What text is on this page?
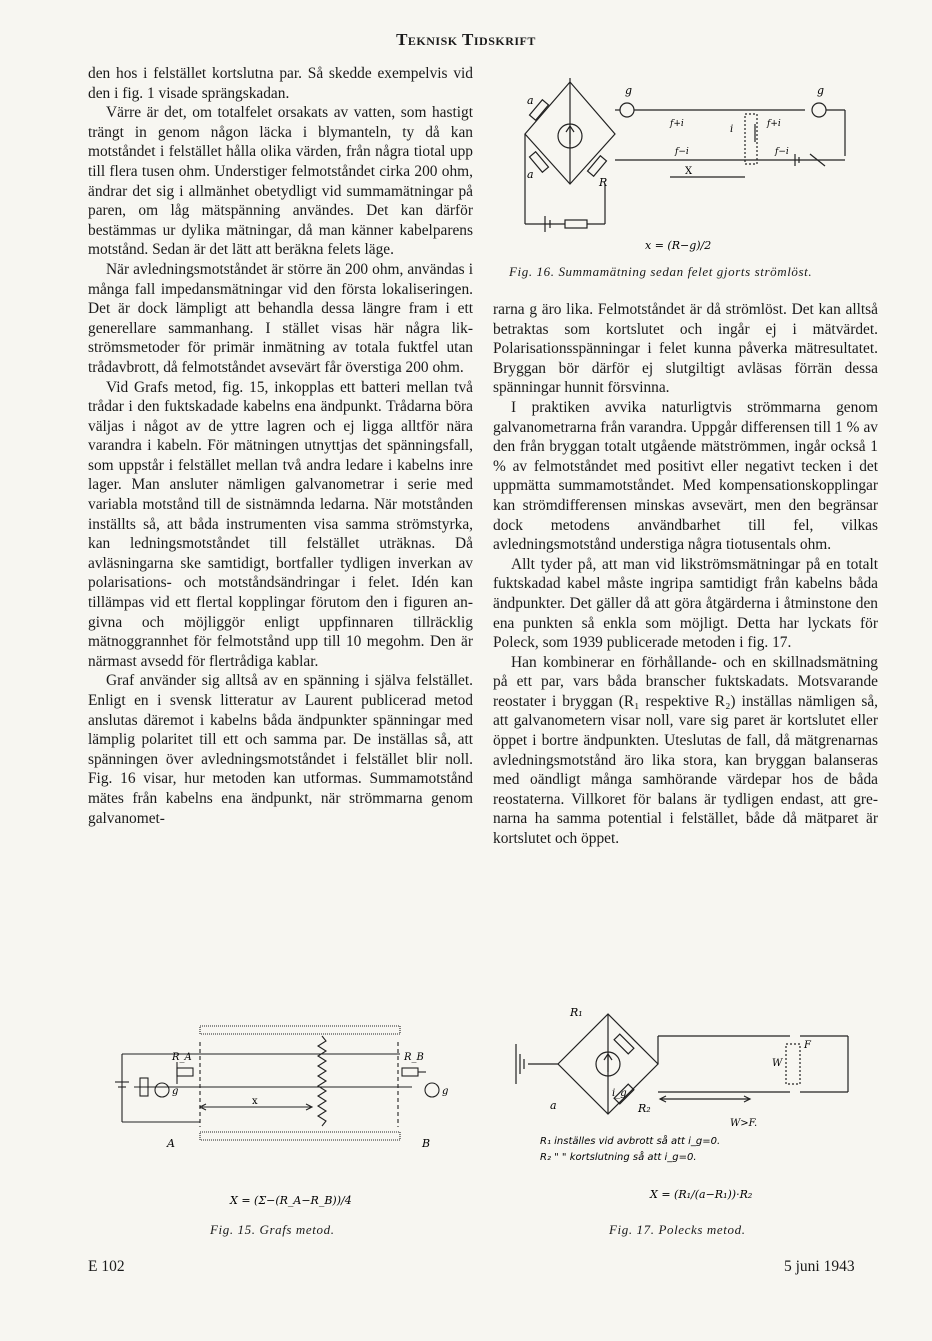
Teknisk Tidskrift

den hos i felstället kortslutna par. Så skedde exempelvis vid den i fig. 1 visade sprängskadan.

Värre är det, om totalfelet orsakats av vatten, som hastigt trängt in genom någon läcka i blymanteln, ty då kan motståndet i felstället hålla olika värden, från några tiotal upp till flera tusen ohm. Understiger felmotståndet cirka 200 ohm, ändrar det sig i allmänhet obetydligt vid summamätningar på paren, om låg mätspänning användes. Det kan därför bestämmas ur dylika mätningar, då man känner kabelparens motstånd. Sedan är det lätt att beräkna felets läge.

När avledningsmotståndet är större än 200 ohm, användas i många fall impedansmätningar vid den första lokaliseringen. Det är dock lämpligt att behandla dessa längre fram i ett generellare sammanhang. I stället visas här några likströmsmetoder för primär inmätning av totala fuktfel utan trådavbrott, då felmotståndet avsevärt får överstiga 200 ohm.

Vid Grafs metod, fig. 15, inkopplas ett batteri mellan två trådar i den fuktskadade kabelns ena ändpunkt. Trådarna böra väljas i något av de yttre lagren och ej ligga alltför nära varandra i kabeln. För mätningen utnyttjas det spänningsfall, som uppstår i felstället mellan två andra ledare i kabelns inre lager. Man ansluter nämligen galvanometrar i serie med variabla motstånd till de sistnämnda ledarna. När motstånden inställts så, att båda instrumenten visa samma strömstyrka, kan ledningsmotståndet till felstället uträknas. Då avläsningarna ske samtidigt, bortfaller tydligen inverkan av polarisations- och motståndsändringar i felet. Idén kan tillämpas vid ett flertal kopplingar förutom den i figuren angivna och möjliggör enligt uppfinnaren tillräcklig mätnoggrannhet för felmotstånd upp till 10 megohm. Den är närmast avsedd för flertrådiga kablar.

Graf använder sig alltså av en spänning i själva felstället. Enligt en i svensk litteratur av Laurent publicerad metod anslutas däremot i kabelns båda ändpunkter spänningar med lämplig polaritet till ett och samma par. De inställas så, att spänningen över avledningsmotståndet i felstället blir noll. Fig. 16 visar, hur metoden kan utformas. Summamotstånd mätes från kabelns ena ändpunkt, när strömmarna genom galvanomet-

rarna g äro lika. Felmotståndet är då strömlöst. Det kan alltså betraktas som kortslutet och ingår ej i mätvärdet. Polarisationsspänningar i felet kunna påverka mätresultatet. Bryggan bör därför ej slutgiltigt avläsas förrän dessa spänningar hunnit försvinna.

I praktiken avvika naturligtvis strömmarna genom galvanometrarna från varandra. Uppgår differensen till 1 % av den från bryggan totalt utgående mätströmmen, ingår också 1 % av felmotståndet med positivt eller negativt tecken i det uppmätta summamotståndet. Med kompensationskopplingar kan strömdifferensen minskas avsevärt, men den begränsar dock metodens användbarhet till fel, vilkas avledningsmotstånd understiga några tiotusentals ohm.

Allt tyder på, att man vid likströmsmätningar på en totalt fuktskadad kabel måste ingripa samtidigt från kabelns båda ändpunkter. Det gäller då att göra åtgärderna i åtminstone den ena punkten så enkla som möjligt. Detta har lyckats för Poleck, som 1939 publicerade metoden i fig. 17.

Han kombinerar en förhållande- och en skillnadsmätning på ett par, vars båda branscher fuktskadats. Motsvarande reostater i bryggan (R₁ respektive R₂) inställas nämligen så, att galvanometern visar noll, vare sig paret är kortslutet eller öppet i bortre ändpunkten. Uteslutas de fall, då mätgrenarnas avledningsmotstånd äro lika stora, kan bryggan balanseras med oändligt många samhörande värdepar hos de båda reostaterna. Villkoret för balans är tydligen endast, att grenarna ha samma potential i felstället, både då mätparet är kortslutet och öppet.

a
a
g	g
R
X
i
f+i	f+i
f−i	f−i
x = (R−g)/2
Fig. 16. Summamätning sedan felet gjorts strömlöst.
R_A	R_B
g	g
x
A	B
X = (Σ−(R_A−R_B))/4
Fig. 15. Grafs metod.
R₁
R₂
a
i_g
W
F
W>F.
R₁ inställes vid avbrott så att i_g=0.
R₂ " " kortslutning så att i_g=0.
X = (R₁/(a−R₁))·R₂
Fig. 17. Polecks metod.
E 102	5 juni 1943
